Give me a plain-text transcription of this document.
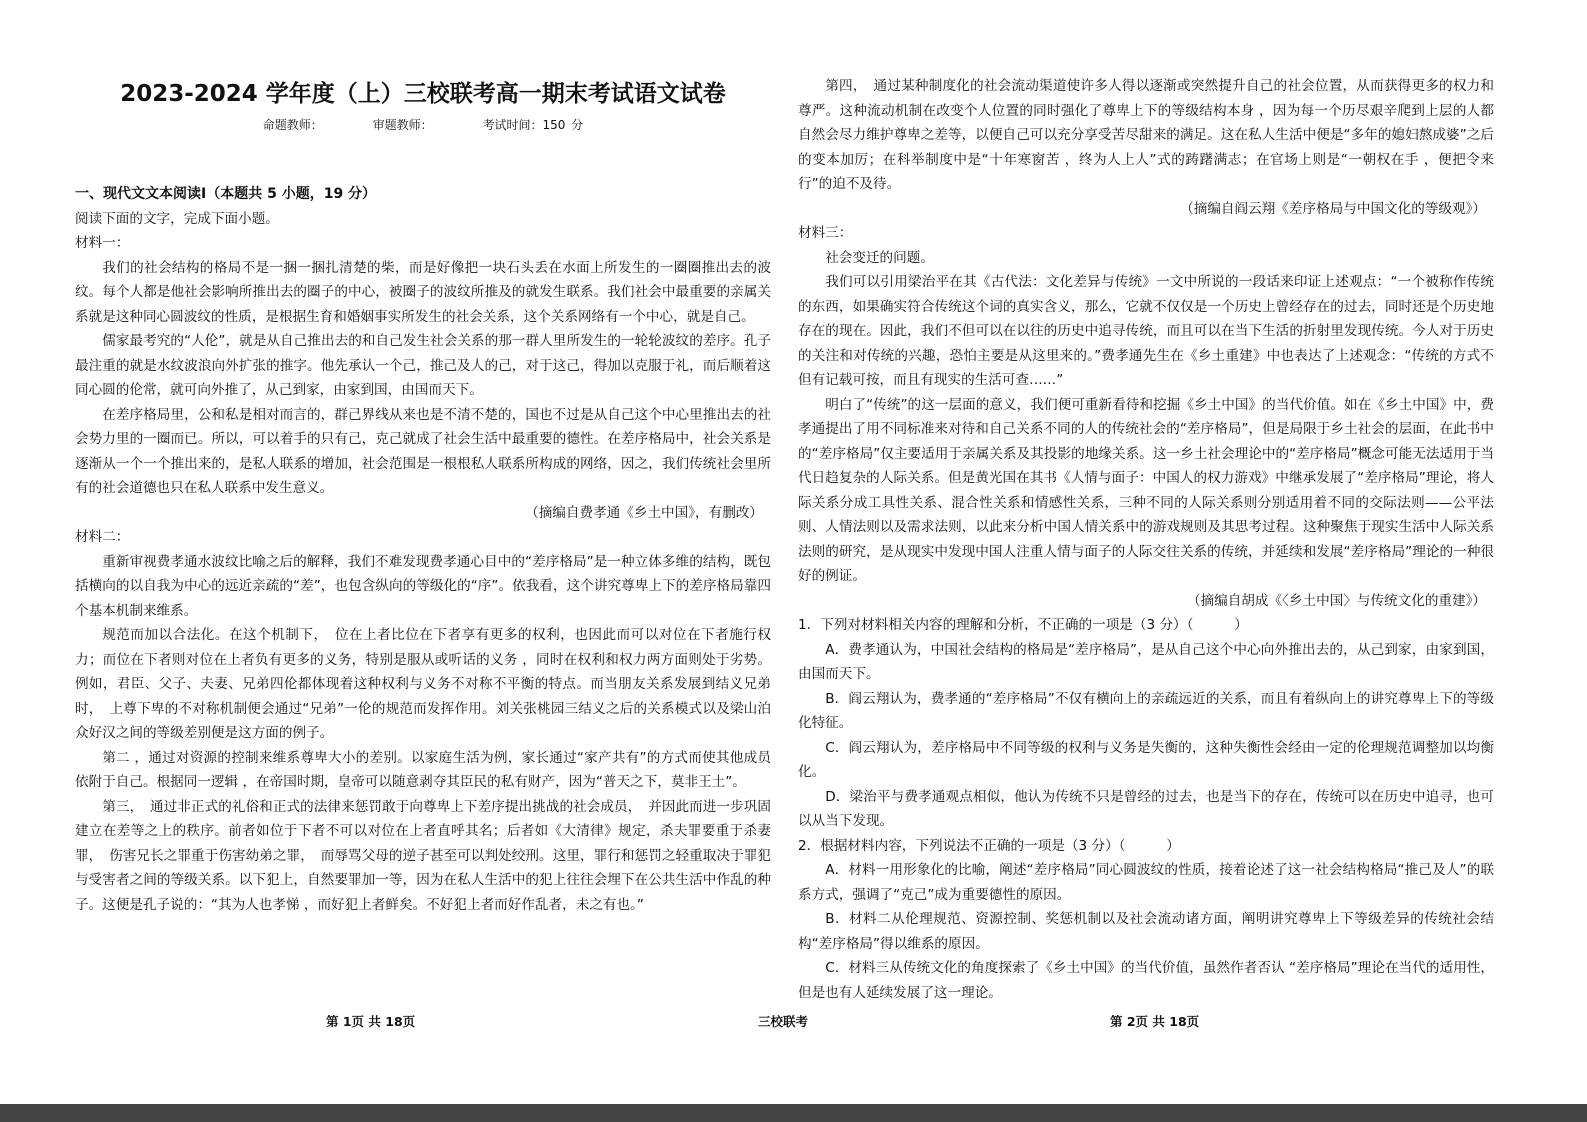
2023-2024 学年度（上）三校联考高一期末考试语文试卷
命题教师：	审题教师：	考试时间：150 分
一、现代文文本阅读Ⅰ（本题共 5 小题，19 分）

阅读下面的文字，完成下面小题。

材料一：

我们的社会结构的格局不是一捆一捆扎清楚的柴，而是好像把一块石头丢在水面上所发生的一圈圈推出去的波纹。每个人都是他社会影响所推出去的圈子的中心，被圈子的波纹所推及的就发生联系。我们社会中最重要的亲属关系就是这种同心圆波纹的性质，是根据生育和婚姻事实所发生的社会关系，这个关系网络有一个中心，就是自己。

儒家最考究的“人伦”，就是从自己推出去的和自己发生社会关系的那一群人里所发生的一轮轮波纹的差序。孔子最注重的就是水纹波浪向外扩张的推字。他先承认一个己，推己及人的己，对于这己，得加以克服于礼，而后顺着这同心圆的伦常，就可向外推了，从己到家，由家到国，由国而天下。

在差序格局里，公和私是相对而言的，群己界线从来也是不清不楚的，国也不过是从自己这个中心里推出去的社会势力里的一圈而已。所以，可以着手的只有己，克己就成了社会生活中最重要的德性。在差序格局中，社会关系是逐渐从一个一个推出来的，是私人联系的增加，社会范围是一根根私人联系所构成的网络，因之，我们传统社会里所有的社会道德也只在私人联系中发生意义。

（摘编自费孝通《乡土中国》，有删改）

材料二：

重新审视费孝通水波纹比喻之后的解释，我们不难发现费孝通心目中的“差序格局”是一种立体多维的结构，既包括横向的以自我为中心的远近亲疏的“差”，也包含纵向的等级化的“序”。依我看，这个讲究尊卑上下的差序格局靠四个基本机制来维系。

规范而加以合法化。在这个机制下，　位在上者比位在下者享有更多的权利，也因此而可以对位在下者施行权力；而位在下者则对位在上者负有更多的义务，特别是服从或听话的义务 ，同时在权利和权力两方面则处于劣势。例如，君臣、父子、夫妻、兄弟四伦都体现着这种权利与义务不对称不平衡的特点。而当朋友关系发展到结义兄弟时，　上尊下卑的不对称机制便会通过“兄弟”一伦的规范而发挥作用。刘关张桃园三结义之后的关系模式以及梁山泊众好汉之间的等级差别便是这方面的例子。

第二 ，通过对资源的控制来维系尊卑大小的差别。以家庭生活为例，家长通过“家产共有”的方式而使其他成员依附于自己。根据同一逻辑 ，在帝国时期，皇帝可以随意剥夺其臣民的私有财产，因为“普天之下，莫非王土”。

第三，　通过非正式的礼俗和正式的法律来惩罚敢于向尊卑上下差序提出挑战的社会成员，　并因此而进一步巩固建立在差等之上的秩序。前者如位于下者不可以对位在上者直呼其名；后者如《大清律》规定，杀夫罪要重于杀妻罪，　伤害兄长之罪重于伤害幼弟之罪，　而辱骂父母的逆子甚至可以判处绞刑。这里，罪行和惩罚之轻重取决于罪犯与受害者之间的等级关系。以下犯上，自然要罪加一等，因为在私人生活中的犯上往往会埋下在公共生活中作乱的种子。这便是孔子说的：“其为人也孝悌 ，而好犯上者鲜矣。不好犯上者而好作乱者，未之有也。”

第四，　通过某种制度化的社会流动渠道使许多人得以逐渐或突然提升自己的社会位置，从而获得更多的权力和尊严。这种流动机制在改变个人位置的同时强化了尊卑上下的等级结构本身 ，因为每一个历尽艰辛爬到上层的人都自然会尽力维护尊卑之差等，以便自己可以充分享受苦尽甜来的满足。这在私人生活中便是“多年的媳妇熬成婆”之后的变本加厉；在科举制度中是“十年寒窗苦 ，终为人上人”式的踌躇满志；在官场上则是“一朝权在手 ，便把令来行”的迫不及待。

（摘编自阎云翔《差序格局与中国文化的等级观》）

材料三：

社会变迁的问题。

我们可以引用梁治平在其《古代法：文化差异与传统》一文中所说的一段话来印证上述观点：“一个被称作传统的东西，如果确实符合传统这个词的真实含义，那么，它就不仅仅是一个历史上曾经存在的过去，同时还是个历史地存在的现在。因此，我们不但可以在以往的历史中追寻传统，而且可以在当下生活的折射里发现传统。今人对于历史的关注和对传统的兴趣，恐怕主要是从这里来的。”费孝通先生在《乡土重建》中也表达了上述观念：“传统的方式不但有记载可按，而且有现实的生活可查……”

明白了“传统”的这一层面的意义，我们便可重新看待和挖掘《乡土中国》的当代价值。如在《乡土中国》中，费孝通提出了用不同标准来对待和自己关系不同的人的传统社会的“差序格局”，但是局限于乡土社会的层面，在此书中的“差序格局”仅主要适用于亲属关系及其投影的地缘关系。这一乡土社会理论中的“差序格局”概念可能无法适用于当代日趋复杂的人际关系。但是黄光国在其书《人情与面子：中国人的权力游戏》中继承发展了“差序格局”理论，将人际关系分成工具性关系、混合性关系和情感性关系，三种不同的人际关系则分别适用着不同的交际法则——公平法则、人情法则以及需求法则，以此来分析中国人情关系中的游戏规则及其思考过程。这种聚焦于现实生活中人际关系法则的研究，是从现实中发现中国人注重人情与面子的人际交往关系的传统，并延续和发展“差序格局”理论的一种很好的例证。

（摘编自胡成《〈乡土中国〉与传统文化的重建》）

1．下列对材料相关内容的理解和分析，不正确的一项是（3 分）（　　　）

A．费孝通认为，中国社会结构的格局是“差序格局”，是从自己这个中心向外推出去的，从己到家，由家到国，由国而天下。

B．阎云翔认为，费孝通的“差序格局”不仅有横向上的亲疏远近的关系，而且有着纵向上的讲究尊卑上下的等级化特征。

C．阎云翔认为，差序格局中不同等级的权利与义务是失衡的，这种失衡性会经由一定的伦理规范调整加以均衡化。

D．梁治平与费孝通观点相似，他认为传统不只是曾经的过去，也是当下的存在，传统可以在历史中追寻，也可以从当下发现。

2．根据材料内容，下列说法不正确的一项是（3 分）（　　　）

A．材料一用形象化的比喻，阐述“差序格局”同心圆波纹的性质，接着论述了这一社会结构格局“推己及人”的联系方式，强调了“克己”成为重要德性的原因。

B．材料二从伦理规范、资源控制、奖惩机制以及社会流动诸方面，阐明讲究尊卑上下等级差异的传统社会结构“差序格局”得以维系的原因。

C．材料三从传统文化的角度探索了《乡土中国》的当代价值，虽然作者否认 “差序格局”理论在当代的适用性，但是也有人延续发展了这一理论。

第 1页 共 18页	三校联考	第 2页 共 18页
